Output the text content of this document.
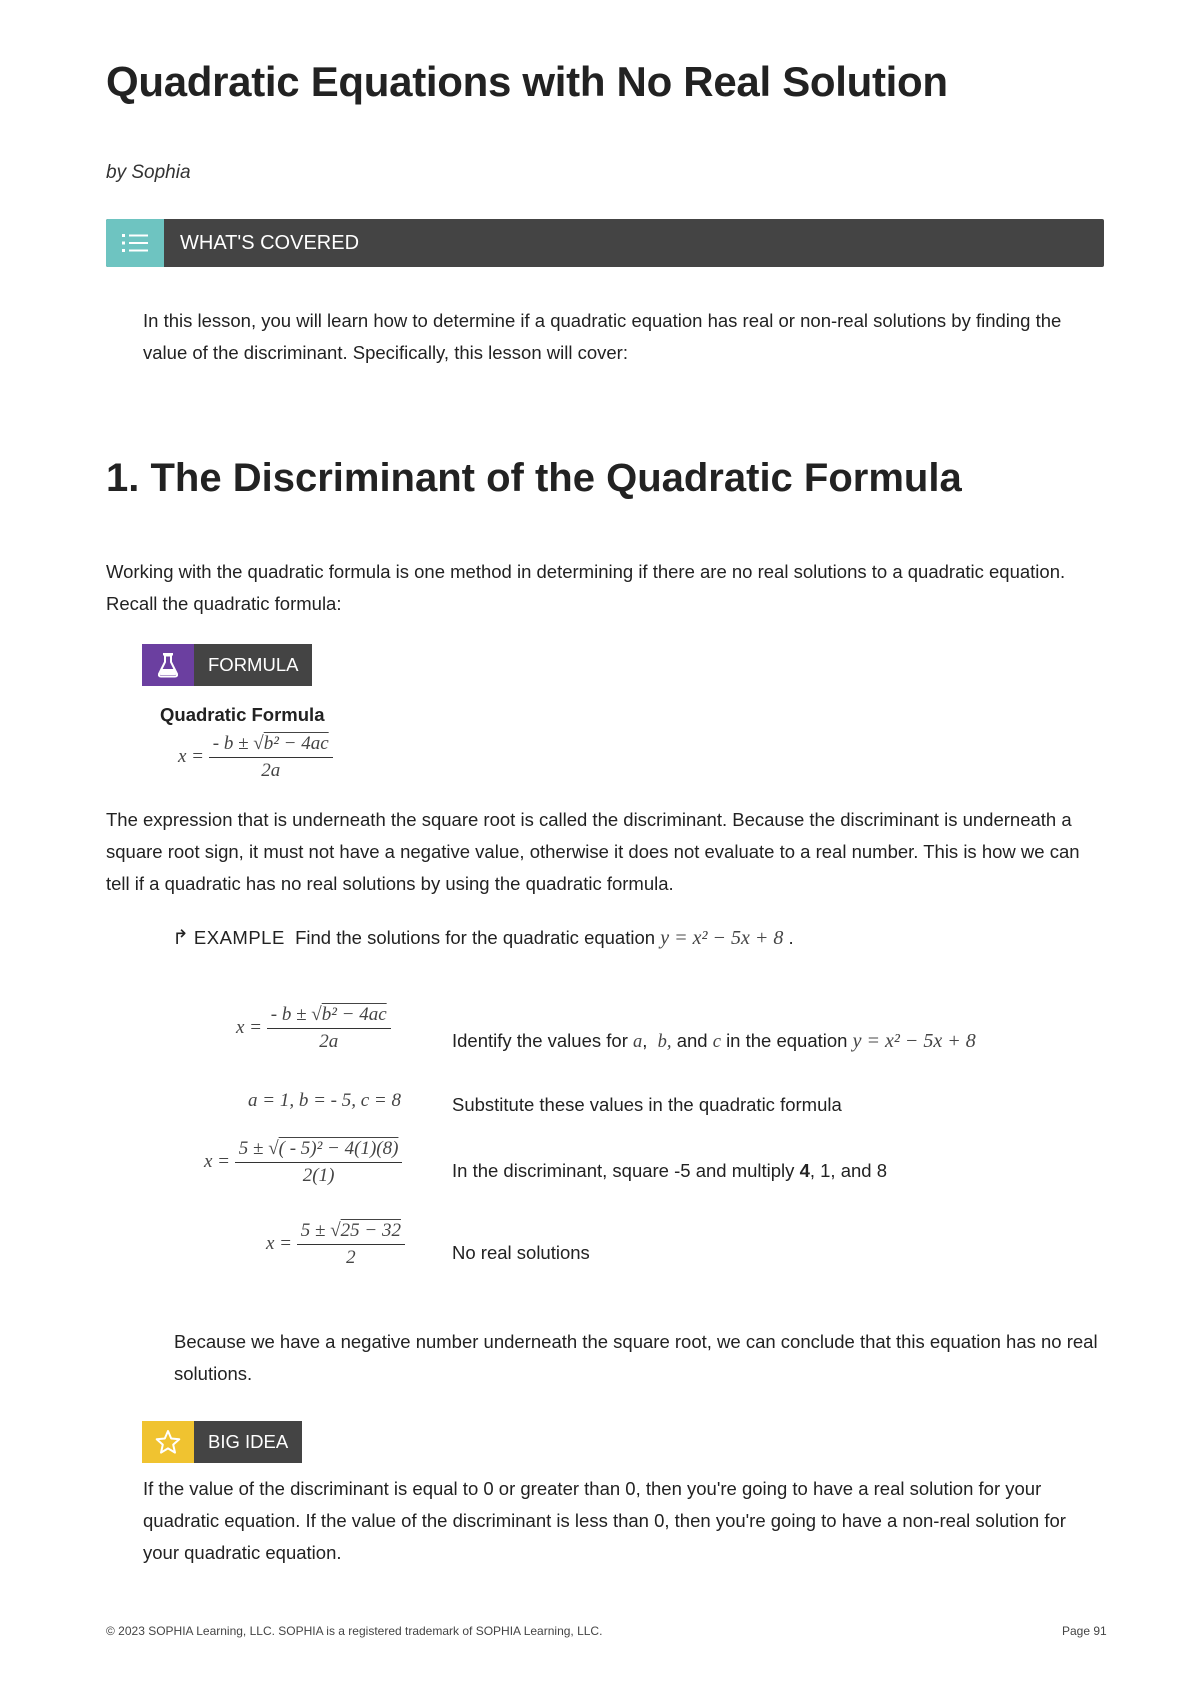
Quadratic Equations with No Real Solution
by Sophia
WHAT'S COVERED
In this lesson, you will learn how to determine if a quadratic equation has real or non-real solutions by finding the value of the discriminant. Specifically, this lesson will cover:
1. The Discriminant of the Quadratic Formula
Working with the quadratic formula is one method in determining if there are no real solutions to a quadratic equation. Recall the quadratic formula:
FORMULA
Quadratic Formula
$x = \frac{\text{- b ± √b² − 4ac}}{2a}$
The expression that is underneath the square root is called the discriminant. Because the discriminant is underneath a square root sign, it must not have a negative value, otherwise it does not evaluate to a real number. This is how we can tell if a quadratic has no real solutions by using the quadratic formula.
↱ EXAMPLE Find the solutions for the quadratic equation y = x² − 5x + 8 .
$x = \frac{\text{- b ± √b² − 4ac}}{2a}$	Identify the values for a, b, and c in the equation y = x² − 5x + 8
a = 1, b = - 5, c = 8	Substitute these values in the quadratic formula
$x = \frac{\text{5 ± √( - 5)² − 4(1)(8)}}{2(1)}$	In the discriminant, square -5 and multiply 4, 1, and 8
$x = \frac{5 \pm √25 - 32}{2}$	No real solutions
Because we have a negative number underneath the square root, we can conclude that this equation has no real solutions.
BIG IDEA
If the value of the discriminant is equal to 0 or greater than 0, then you're going to have a real solution for your quadratic equation. If the value of the discriminant is less than 0, then you're going to have a non-real solution for your quadratic equation.
© 2023 SOPHIA Learning, LLC. SOPHIA is a registered trademark of SOPHIA Learning, LLC.	Page 91
